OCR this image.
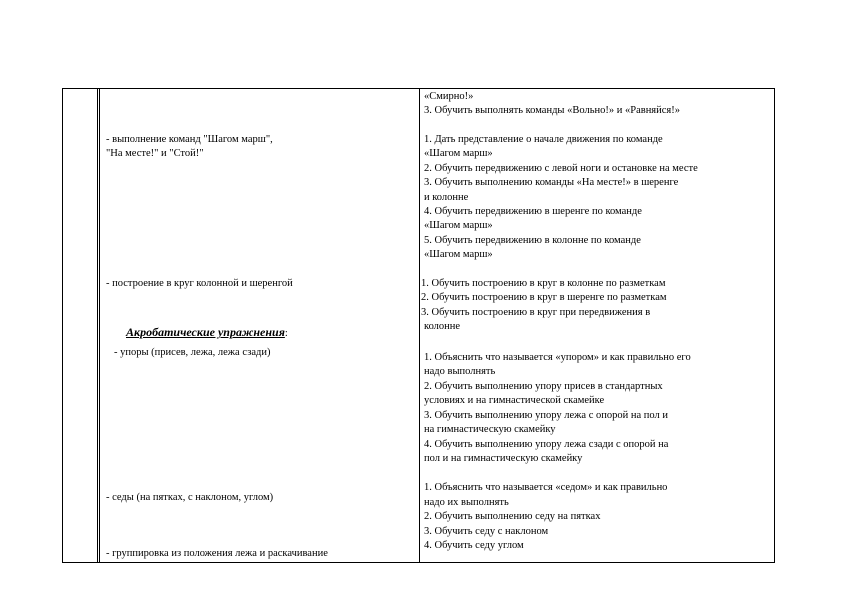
- выполнение команд "Шагом марш",
"На месте!" и "Стой!"
- построение в круг колонной и шеренгой
Акробатические упражнения:
- упоры (присев, лежа, лежа сзади)
- седы (на пятках, с наклоном, углом)
- группировка из положения лежа и раскачивание
«Смирно!»
3. Обучить выполнять команды «Вольно!» и «Равняйся!»
1. Дать представление о начале движения по команде
«Шагом марш»
2. Обучить передвижению с левой ноги и остановке на месте
3. Обучить выполнению команды «На месте!» в шеренге
и колонне
4. Обучить передвижению в шеренге по команде
«Шагом марш»
5. Обучить передвижению в колонне по команде
«Шагом марш»
1. Обучить построению в круг в колонне по разметкам
2. Обучить построению в круг в шеренге по разметкам
3. Обучить построению в круг при передвижения в
колонне
1. Объяснить что называется «упором» и как правильно его
надо выполнять
2. Обучить выполнению упору присев в стандартных
условиях и на гимнастической скамейке
3. Обучить выполнению упору лежа с опорой на пол и
на гимнастическую скамейку
4. Обучить выполнению упору лежа сзади с опорой на
пол и на гимнастическую скамейку
1. Объяснить что называется «седом» и как правильно
надо их выполнять
2. Обучить выполнению седу на пятках
3. Обучить седу с наклоном
4. Обучить седу углом
